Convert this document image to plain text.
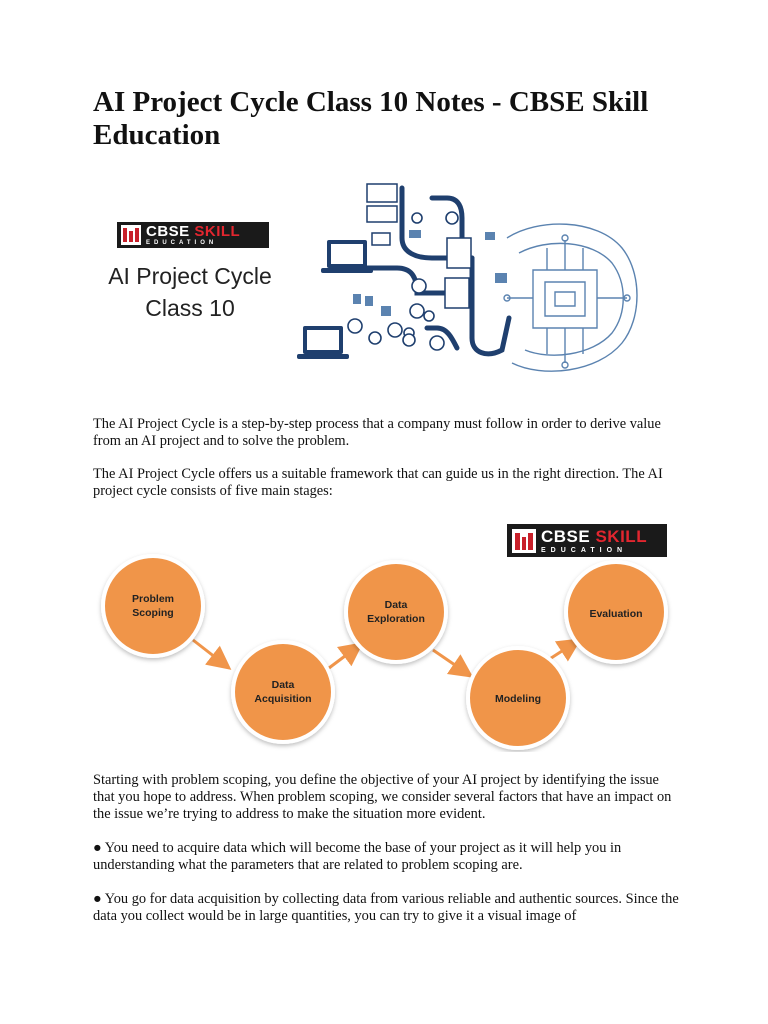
AI Project Cycle Class 10 Notes - CBSE Skill Education
CBSE SKILL
EDUCATION
AI Project Cycle
Class 10

The AI Project Cycle is a step-by-step process that a company must follow in order to derive value from an AI project and to solve the problem.

The AI Project Cycle offers us a suitable framework that can guide us in the right direction. The AI project cycle consists of five main stages:

CBSE SKILL
EDUCATION
Problem
Scoping
Data
Acquisition
Data
Exploration
Modeling
Evaluation

Starting with problem scoping, you define the objective of your AI project by identifying the issue that you hope to address. When problem scoping, we consider several factors that have an impact on the issue we’re trying to address to make the situation more evident.

● You need to acquire data which will become the base of your project as it will help you in understanding what the parameters that are related to problem scoping are.

● You go for data acquisition by collecting data from various reliable and authentic sources. Since the data you collect would be in large quantities, you can try to give it a visual image of
